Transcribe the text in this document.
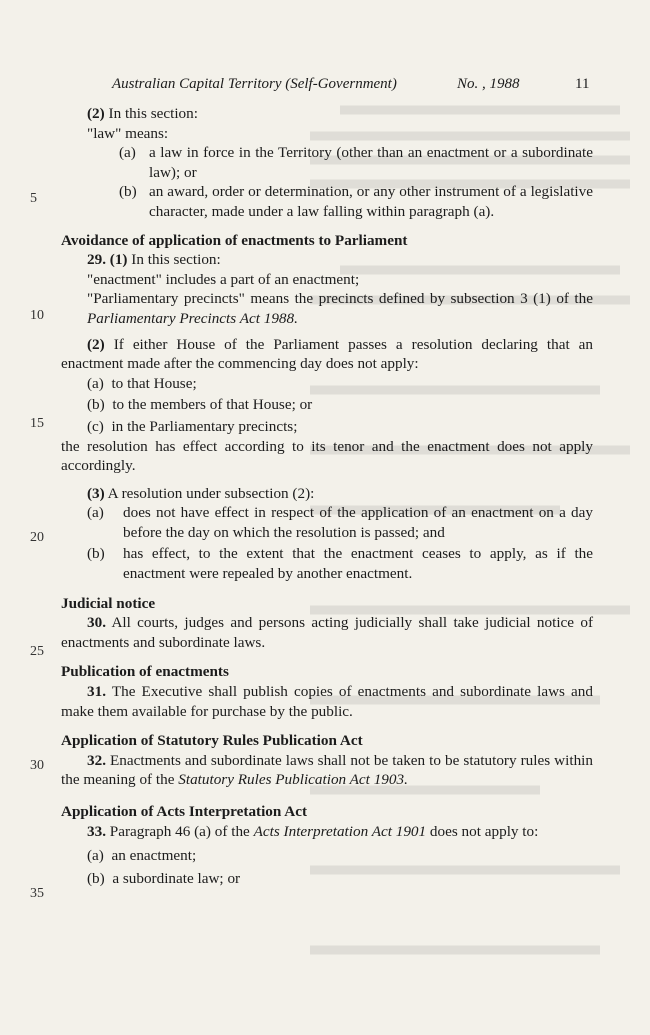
Australian Capital Territory (Self-Government)	No. , 1988	11
5
10
15
20
25
30
35

(2) In this section:

"law" means:

(a) a law in force in the Territory (other than an enactment or a subordinate law); or

(b) an award, order or determination, or any other instrument of a legislative character, made under a law falling within paragraph (a).

Avoidance of application of enactments to Parliament

29. (1) In this section:

"enactment" includes a part of an enactment;

"Parliamentary precincts" means the precincts defined by subsection 3 (1) of the Parliamentary Precincts Act 1988.

(2) If either House of the Parliament passes a resolution declaring that an enactment made after the commencing day does not apply:

(a) to that House;

(b) to the members of that House; or

(c) in the Parliamentary precincts;

the resolution has effect according to its tenor and the enactment does not apply accordingly.

(3) A resolution under subsection (2):

(a) does not have effect in respect of the application of an enactment on a day before the day on which the resolution is passed; and

(b) has effect, to the extent that the enactment ceases to apply, as if the enactment were repealed by another enactment.

Judicial notice

30. All courts, judges and persons acting judicially shall take judicial notice of enactments and subordinate laws.

Publication of enactments

31. The Executive shall publish copies of enactments and subordinate laws and make them available for purchase by the public.

Application of Statutory Rules Publication Act

32. Enactments and subordinate laws shall not be taken to be statutory rules within the meaning of the Statutory Rules Publication Act 1903.

Application of Acts Interpretation Act

33. Paragraph 46 (a) of the Acts Interpretation Act 1901 does not apply to:

(a) an enactment;

(b) a subordinate law; or
